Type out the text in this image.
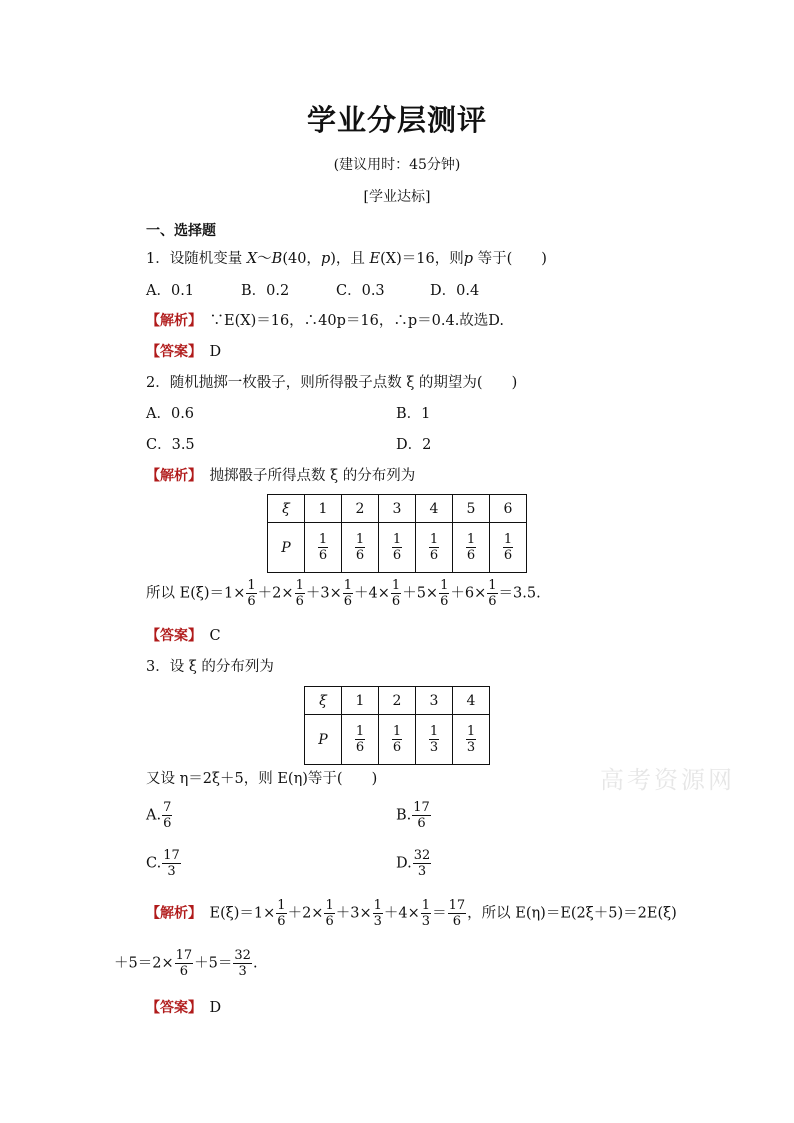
学业分层测评
(建议用时：45分钟)
[学业达标]
一、选择题
1．设随机变量 X～B(40，p)，且 E(X)＝16，则p 等于(　　)
A．0.1	B．0.2	C．0.3	D．0.4
【解析】　 ∵E(X)＝16，∴40p＝16，∴p＝0.4.故选D.
【答案】　 D
2．随机抛掷一枚骰子，则所得骰子点数 ξ 的期望为(　　)
A．0.6	B．1
C．3.5	D．2
【解析】　 抛掷骰子所得点数 ξ 的分布列为
ξ	1	2	3	4	5	6
P	$\frac{1}{6}$	$\frac{1}{6}$	$\frac{1}{6}$	$\frac{1}{6}$	$\frac{1}{6}$	$\frac{1}{6}$
所以 $E(\xi)=1\times \frac{1}{6} +2\times \frac{1}{6} +3\times \frac{1}{6} +4\times \frac{1}{6} +5\times \frac{1}{6} +6\times \frac{1}{6} =3.5$.
【答案】　 C
3．设 ξ 的分布列为
ξ	1	2	3	4
P	$\frac{1}{6}$	$\frac{1}{6}$	$\frac{1}{3}$	$\frac{1}{3}$
又设 η＝2ξ＋5，则 E(η)等于(　　)
A. $\frac{7}{6}$	B. $\frac{17}{6}$
C. $\frac{17}{3}$	D. $\frac{32}{3}$
【解析】　 $E(\xi)=1\times \frac{1}{6} +2\times \frac{1}{6} +3\times \frac{1}{3} +4\times \frac{1}{3} = \frac{17}{6}$ ，所以 E(η)＝E(2ξ＋5)＝2E(ξ)
$+5=2\times \frac{17}{6} +5= \frac{32}{3}$ .
【答案】　 D
高考资源网
